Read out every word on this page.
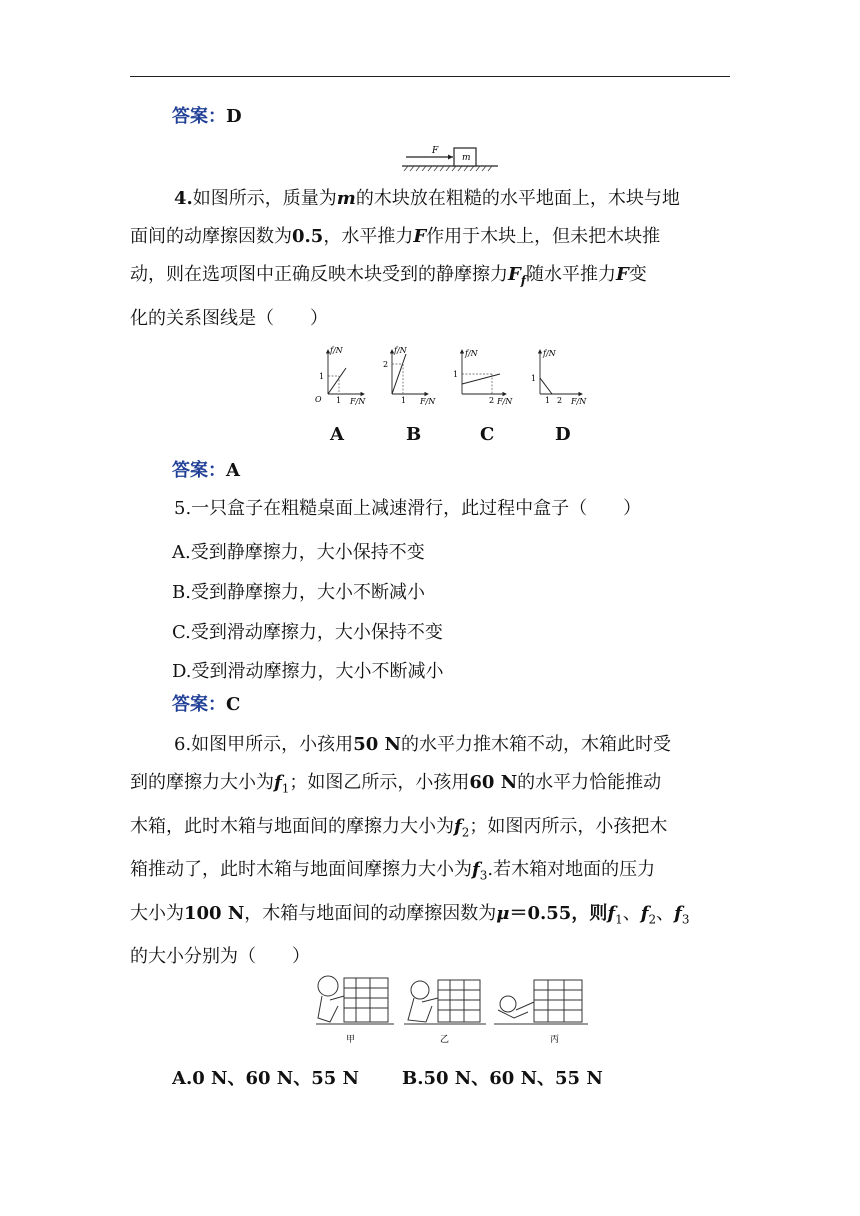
答案：D
F
m
4.如图所示，质量为m的木块放在粗糙的水平地面上，木块与地
面间的动摩擦因数为0.5，水平推力F作用于木块上，但未把木块推
动，则在选项图中正确反映木块受到的静摩擦力$F_f$随水平推力F变
化的关系图线是（　　）
f/N
F/N
O
1
1
f/N
F/N
2
1
f/N
F/N
1
2
f/N
F/N
1
1 2
A	B	C	D
答案：A
5.一只盒子在粗糙桌面上减速滑行，此过程中盒子（　　）
A.受到静摩擦力，大小保持不变
B.受到静摩擦力，大小不断减小
C.受到滑动摩擦力，大小保持不变
D.受到滑动摩擦力，大小不断减小
答案：C
6.如图甲所示，小孩用50 N的水平力推木箱不动，木箱此时受
到的摩擦力大小为$f_1$；如图乙所示，小孩用60 N的水平力恰能推动
木箱，此时木箱与地面间的摩擦力大小为$f_2$；如图丙所示，小孩把木
箱推动了，此时木箱与地面间摩擦力大小为$f_3$.若木箱对地面的压力
大小为100 N，木箱与地面间的动摩擦因数为μ＝0.55，则$f_1$、$f_2$、$f_3$
的大小分别为（　　）
甲	乙	丙
A.0 N、60 N、55 N B.50 N、60 N、55 N
